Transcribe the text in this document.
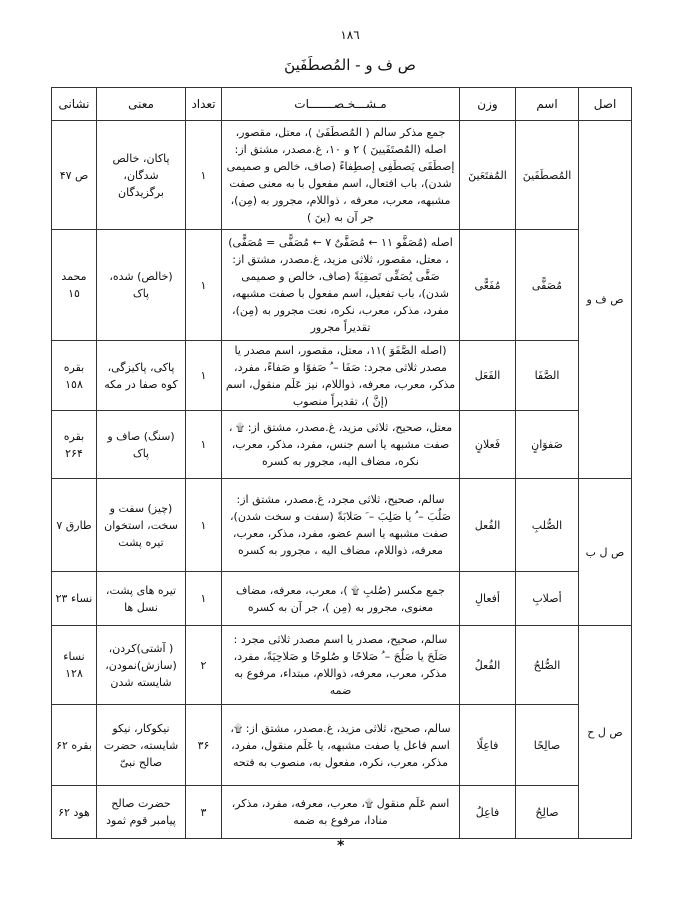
١٨٦
ص ف و - المُصطَفَينَ
اصل	اسم	وزن	مـشـــخـصـــــــات	تعداد	معنی	نشانی
ص ف و	المُصطَفَينَ	المُفتَعَينَ	جمع مذکر سالم ( المُصطَفَیٰ )، معتل، مقصور، اصله (المُصتَفَیینَ ) ۲ و ۱۰، غ.مصدر، مشتق از: إصطَفَی یَصطَفِی إصطِفاءً (صاف، خالص و صمیمی شدن)، باب افتعال، اسم مفعول با به معنی صفت مشبهه، معرب، معرفه ، ذواللام، مجرور به (مِن)، جر آن به (ینَ )	١	پاکان، خالص شدگان، برگزیدگان	ص ۴۷
	مُصَفًّی	مُفَعًّی	اصله (مُصَفَّو ۱۱ ← مُصَفَّیٌ ۷ ← مُصَفًّی = مُصَفًّی) ، معتل، مقصور، ثلاثی مزید، غ.مصدر، مشتق از: صَفَّی یُصَفِّی تَصفِیَةً (صاف، خالص و صمیمی شدن)، باب تفعیل، اسم مفعول با صفت مشبهه، مفرد، مذکر، معرب، نکره، نعت مجرور به (مِن)، تقدیراً مجرور	١	(خالص) شده، پاک	محمد ١٥
	الصَّفَا	الفَعَل	(اصله الصَّفَوَ )۱۱، معتل، مقصور، اسم مصدر یا مصدر ثلاثی مجرد: صَفَا – ُ صَفوًا و صَفاءً، مفرد، مذکر، معرب، معرفه، ذواللام، نیز عَلَم منقول، اسم (إنَّ )، تقدیراً منصوب	١	پاکی، پاکیزگی، کوه صفا در مکه	بقره ١٥٨
	صَفوَانٍ	فَعلانٍ	معتل، صحیح، ثلاثی مزید، غ.مصدر، مشتق از: ۩ ، صفت مشبهه یا اسم جنس، مفرد، مذکر، معرب، نکره، مضاف الیه، مجرور به کسره	١	(سنگ) صاف و پاک	بقره ٢۶۴
ص ل ب	الصُّلبِ	الفُعل	سالم، صحیح، ثلاثی مجرد، غ.مصدر، مشتق از: صَلُبَ – ُ یا صَلِبَ – َ صَلابَةً (سفت و سخت شدن)، صفت مشبهه یا اسم عضو، مفرد، مذکر، معرب، معرفه، ذواللام، مضاف الیه ، مجرور به کسره	١	(چیز) سفت و سخت، استخوان تیره پشت	طارق ٧
	أصلابِ	أفعالِ	جمع مکسر (صُلبِ ۩ )، معرب، معرفه، مضاف معنوی، مجرور به (مِن )، جر آن به کسره	١	تیره های پشت، نسل ها	نساء ٢٣
ص ل ح	الصُّلحُ	الفُعلُ	سالم، صحیح، مصدر یا اسم مصدر ثلاثی مجرد : صَلَحَ یا صَلُحَ – ُ صَلاحًا و صُلوحًا و صَلاحِیَةً، مفرد، مذکر، معرب، معرفه، ذواللام، مبتداء، مرفوع به ضمه	٢	( آشتی)کردن، (سازش)نمودن، شایسته شدن	نساء ١٢٨
	صالِحًا	فاعِلًا	سالم، صحیح، ثلاثی مزید، غ.مصدر، مشتق از: ۩، اسم فاعل یا صفت مشبهه، یا عَلَم منقول، مفرد، مذکر، معرب، نکره، مفعول به، منصوب به فتحه	٣۶	نیکوکار، نیکو شایسته، حضرت صالح نبیّ	بقره ۶٢
	صالِحُ	فاعِلُ	اسم عَلَم منقول ۩، معرب، معرفه، مفرد، مذکر، منادا، مرفوع به ضمه	٣	حضرت صالح پیامبر قوم ثمود	هود ۶٢
*
